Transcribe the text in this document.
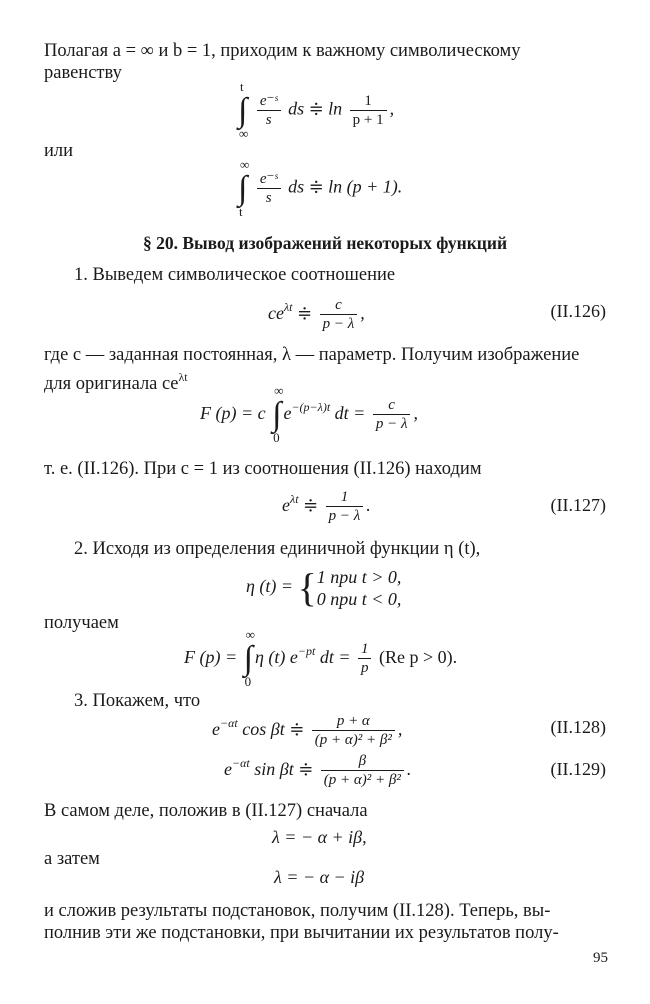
Полагая a = ∞ и b = 1, приходим к важному символическому
равенству
∫
t
∞

$\frac{\text{e⁻ˢ}}{s}$ ds ≑ $\ln \frac{1}{p + 1}$ ,
или
∫
∞
t

$\frac{\text{e⁻ˢ}}{s}$ ds ≑ ln (p + 1).
§ 20. Вывод изображений некоторых функций
1. Выведем символическое соотношение
$ce^{\lambda t}$ ≑ $\frac{c}{p - \lambda}$ ,	(II.126)
где c — заданная постоянная, λ — параметр. Получим изображение
для оригинала $ce^{\lambda t}$
F (p) = c ∫
∞
0
$e^{-(p-\lambda)t}$ dt = $\frac{c}{p - \lambda}$ ,
т. е. (II.126). При c = 1 из соотношения (II.126) находим
$e^{\lambda t}$ ≑ $\frac{1}{p - \lambda}$ .	(II.127)
2. Исходя из определения единичной функции η (t),
η (t) = { 1 при t > 0,
0 при t < 0,
получаем
F (p) = ∫
∞
0
η (t) $e^{-pt}$ dt = $\frac{1}{p} (Re$ p > 0).
3. Покажем, что
$e^{-\alpha t}$ cos βt ≑ $\frac{p + \alpha}{\text{(p + α)² + β²}}$ ,	(II.128)
$e^{-\alpha t}$ sin βt ≑ $\frac{\beta}{\text{(p + α)² + β²}}$ .	(II.129)
В самом деле, положив в (II.127) сначала
λ = − α + iβ,
а затем
λ = − α − iβ
и сложив результаты подстановок, получим (II.128). Теперь, вы-
полнив эти же подстановки, при вычитании их результатов полу-
95
